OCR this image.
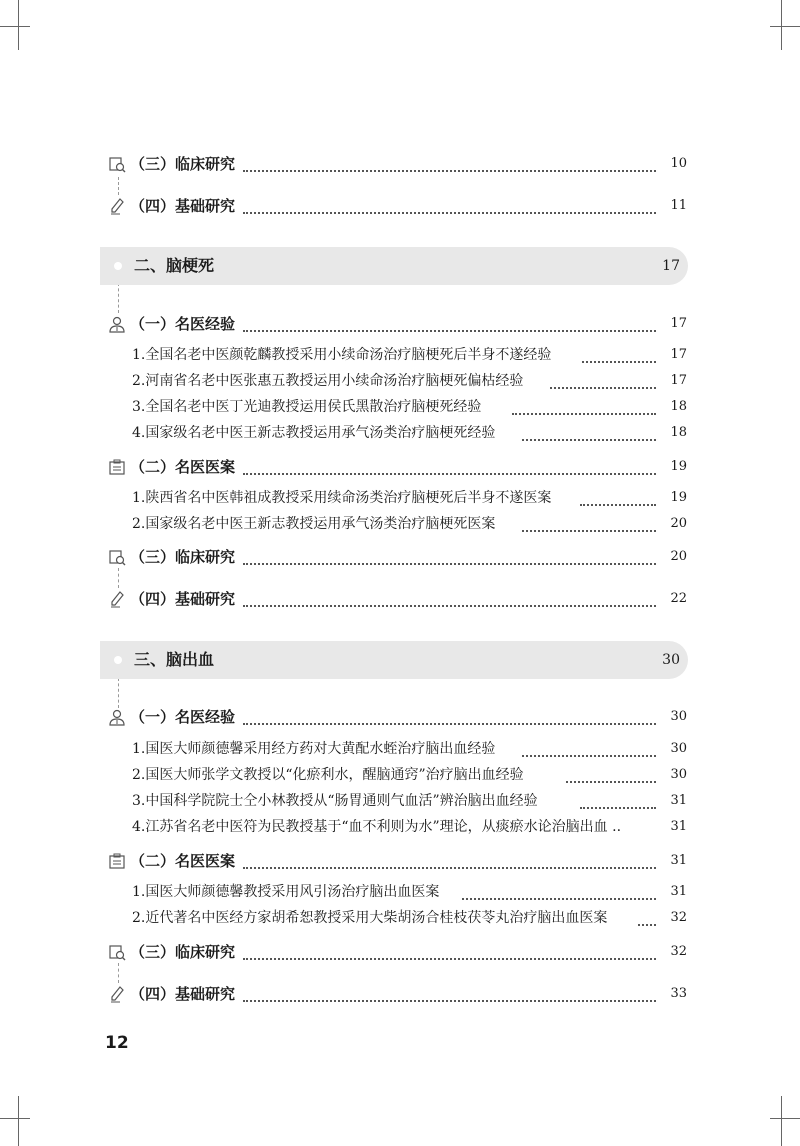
（三）临床研究	10
（四）基础研究	11
二、脑梗死	17
（一）名医经验	17
1.全国名老中医颜乾麟教授采用小续命汤治疗脑梗死后半身不遂经验	17
2.河南省名老中医张惠五教授运用小续命汤治疗脑梗死偏枯经验	17
3.全国名老中医丁光迪教授运用侯氏黑散治疗脑梗死经验	18
4.国家级名老中医王新志教授运用承气汤类治疗脑梗死经验	18
（二）名医医案	19
1.陕西省名中医韩祖成教授采用续命汤类治疗脑梗死后半身不遂医案	19
2.国家级名老中医王新志教授运用承气汤类治疗脑梗死医案	20
（三）临床研究	20
（四）基础研究	22
三、脑出血	30
（一）名医经验	30
1.国医大师颜德馨采用经方药对大黄配水蛭治疗脑出血经验	30
2.国医大师张学文教授以“化瘀利水，醒脑通窍”治疗脑出血经验	30
3.中国科学院院士仝小林教授从“肠胃通则气血活”辨治脑出血经验	31
4.江苏省名老中医符为民教授基于“血不利则为水”理论，从痰瘀水论治脑出血 ..	31
（二）名医医案	31
1.国医大师颜德馨教授采用风引汤治疗脑出血医案	31
2.近代著名中医经方家胡希恕教授采用大柴胡汤合桂枝茯苓丸治疗脑出血医案	32
（三）临床研究	32
（四）基础研究	33
12
